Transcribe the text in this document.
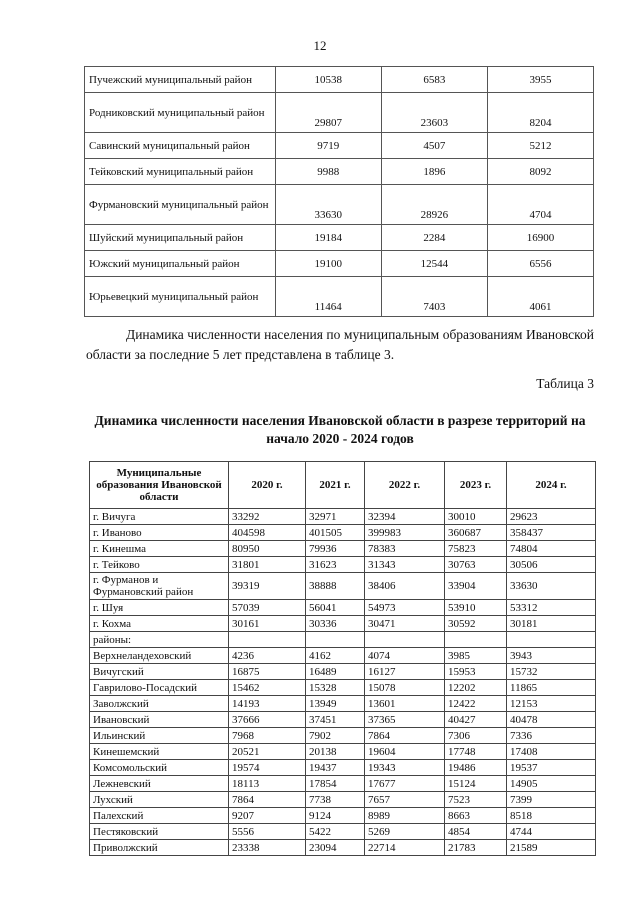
12
Пучежский муниципальный район	10538	6583	3955
Родниковский муниципальный район	29807	23603	8204
Савинский муниципальный район	9719	4507	5212
Тейковский муниципальный район	9988	1896	8092
Фурмановский муниципальный район	33630	28926	4704
Шуйский муниципальный район	19184	2284	16900
Южский муниципальный район	19100	12544	6556
Юрьевецкий муниципальный район	11464	7403	4061
Динамика численности населения по муниципальным образованиям Ивановской области за последние 5 лет представлена в таблице 3.
Таблица 3
Динамика численности населения Ивановской области в разрезе территорий на начало 2020 - 2024 годов
Муниципальные образования Ивановской области	2020 г.	2021 г.	2022 г.	2023 г.	2024 г.
г. Вичуга	33292	32971	32394	30010	29623
г. Иваново	404598	401505	399983	360687	358437
г. Кинешма	80950	79936	78383	75823	74804
г. Тейково	31801	31623	31343	30763	30506
г. Фурманов и Фурмановский район	39319	38888	38406	33904	33630
г. Шуя	57039	56041	54973	53910	53312
г. Кохма	30161	30336	30471	30592	30181
районы:					
Верхнеландеховский	4236	4162	4074	3985	3943
Вичугский	16875	16489	16127	15953	15732
Гаврилово-Посадский	15462	15328	15078	12202	11865
Заволжский	14193	13949	13601	12422	12153
Ивановский	37666	37451	37365	40427	40478
Ильинский	7968	7902	7864	7306	7336
Кинешемский	20521	20138	19604	17748	17408
Комсомольский	19574	19437	19343	19486	19537
Лежневский	18113	17854	17677	15124	14905
Лухский	7864	7738	7657	7523	7399
Палехский	9207	9124	8989	8663	8518
Пестяковский	5556	5422	5269	4854	4744
Приволжский	23338	23094	22714	21783	21589
